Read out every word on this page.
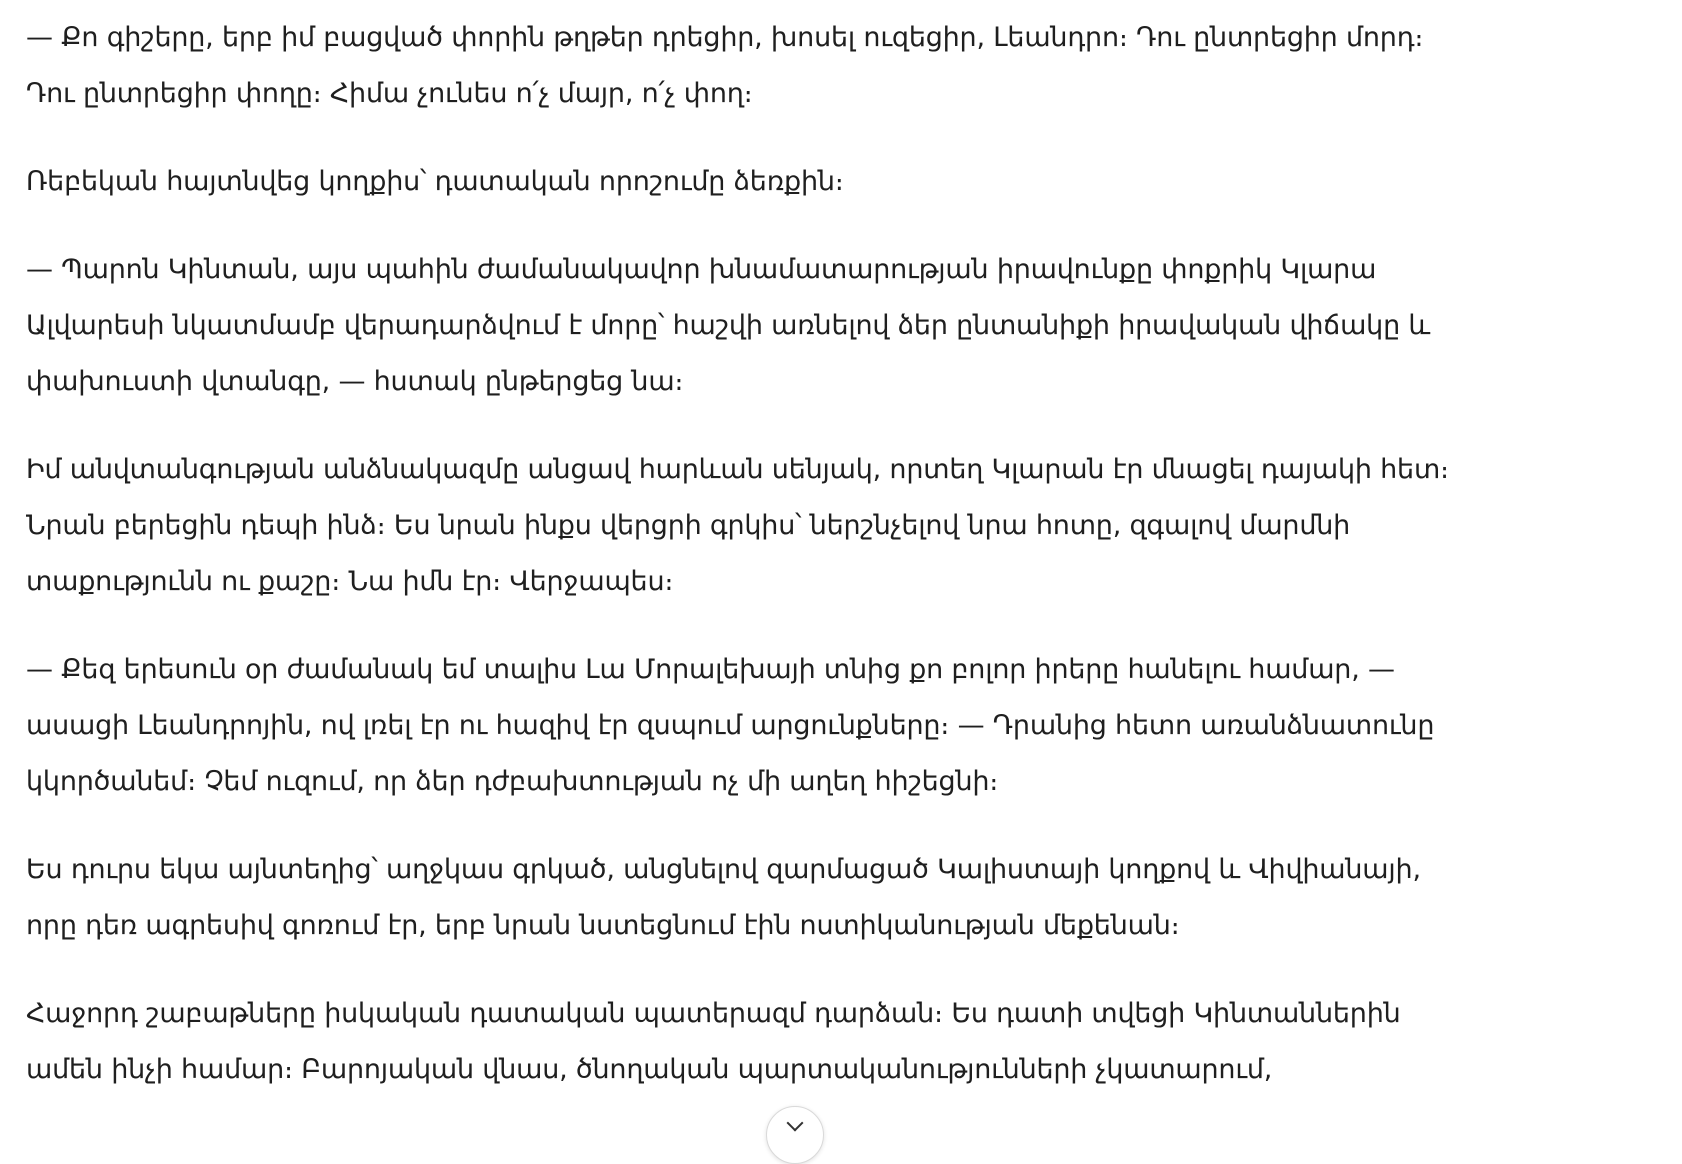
— Քո գիշերը, երբ իմ բացված փորին թղթեր դրեցիր, խոսել ուզեցիր, Լեանդրո։ Դու ընտրեցիր մորդ։
Դու ընտրեցիր փողը։ Հիմա չունես ո՛չ մայր, ո՛չ փող։

Ռեբեկան հայտնվեց կողքիս՝ դատական որոշումը ձեռքին։

— Պարոն Կինտան, այս պահին ժամանակավոր խնամատարության իրավունքը փոքրիկ Կլարա
Ալվարեսի նկատմամբ վերադարձվում է մորը՝ հաշվի առնելով ձեր ընտանիքի իրավական վիճակը և
փախուստի վտանգը, — հստակ ընթերցեց նա։

Իմ անվտանգության անձնակազմը անցավ հարևան սենյակ, որտեղ Կլարան էր մնացել դայակի հետ։
Նրան բերեցին դեպի ինձ։ Ես նրան ինքս վերցրի գրկիս՝ ներշնչելով նրա հոտը, զգալով մարմնի
տաքությունն ու քաշը։ Նա իմն էր։ Վերջապես։

— Քեզ երեսուն օր ժամանակ եմ տալիս Լա Մորալեխայի տնից քո բոլոր իրերը հանելու համար, —
ասացի Լեանդրոյին, ով լռել էր ու հազիվ էր զսպում արցունքները։ — Դրանից հետո առանձնատունը
կկործանեմ։ Չեմ ուզում, որ ձեր դժբախտության ոչ մի աղեղ հիշեցնի։

Ես դուրս եկա այնտեղից՝ աղջկաս գրկած, անցնելով զարմացած Կալիստայի կողքով և Վիվիանայի,
որը դեռ ագրեսիվ գոռում էր, երբ նրան նստեցնում էին ոստիկանության մեքենան։

Հաջորդ շաբաթները իսկական դատական պատերազմ դարձան։ Ես դատի տվեցի Կինտաններին
ամեն ինչի համար։ Բարոյական վնաս, ծնողական պարտականությունների չկատարում,
